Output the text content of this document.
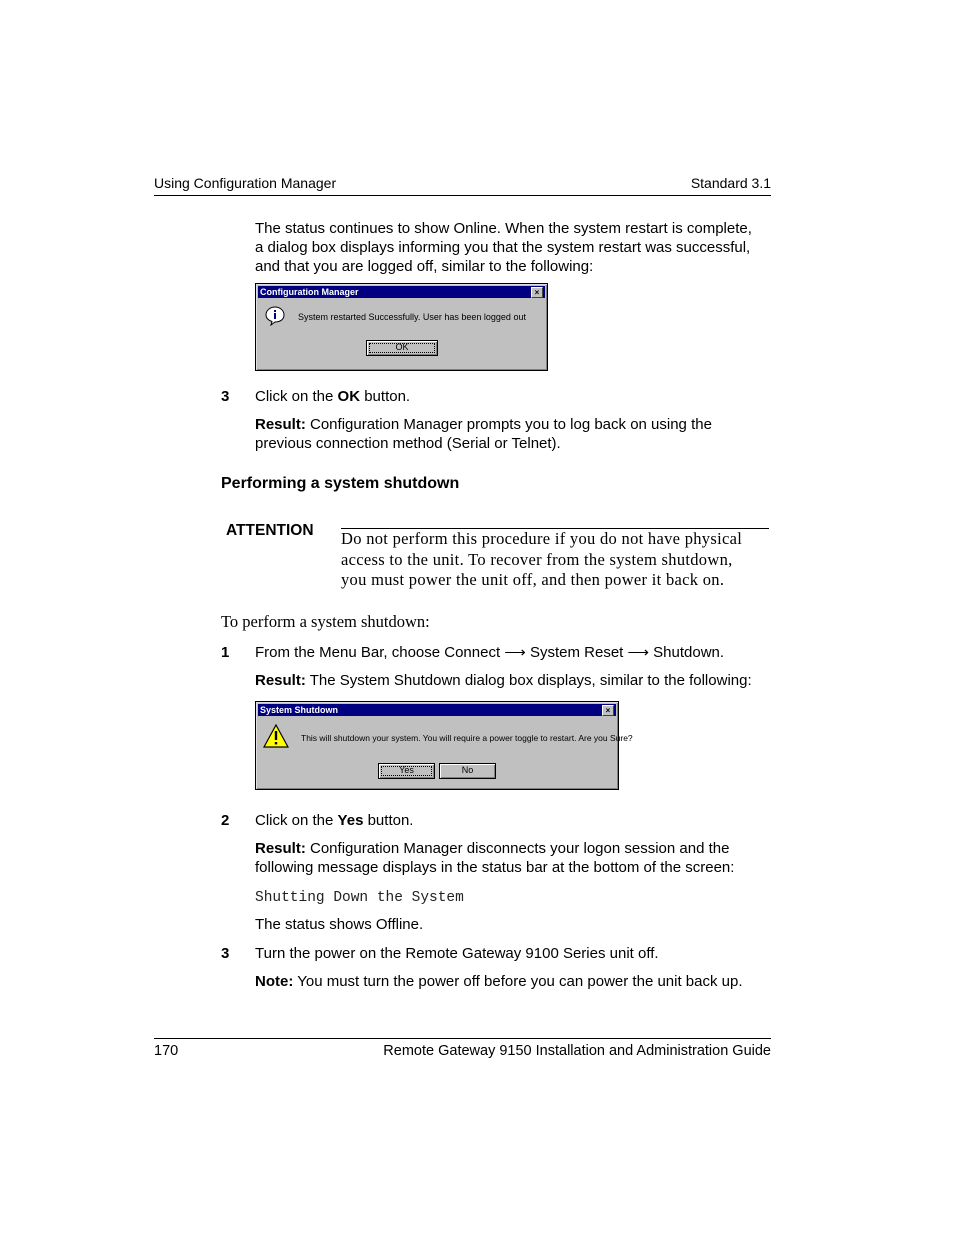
Using Configuration Manager	Standard 3.1
The status continues to show Online. When the system restart is complete,
a dialog box displays informing you that the system restart was successful,
and that you are logged off, similar to the following:
Configuration Manager	×
System restarted Successfully. User has been logged out
OK
3 Click on the OK button.
Result: Configuration Manager prompts you to log back on using the
previous connection method (Serial or Telnet).
Performing a system shutdown
ATTENTION Do not perform this procedure if you do not have physical
access to the unit. To recover from the system shutdown,
you must power the unit off, and then power it back on.
To perform a system shutdown:
1 From the Menu Bar, choose Connect ⟶ System Reset ⟶ Shutdown.
Result: The System Shutdown dialog box displays, similar to the following:
System Shutdown	×
This will shutdown your system. You will require a power toggle to restart. Are you Sure?
Yes	No
2 Click on the Yes button.
Result: Configuration Manager disconnects your logon session and the
following message displays in the status bar at the bottom of the screen:
Shutting Down the System
The status shows Offline.
3 Turn the power on the Remote Gateway 9100 Series unit off.
Note: You must turn the power off before you can power the unit back up.
170	Remote Gateway 9150 Installation and Administration Guide
